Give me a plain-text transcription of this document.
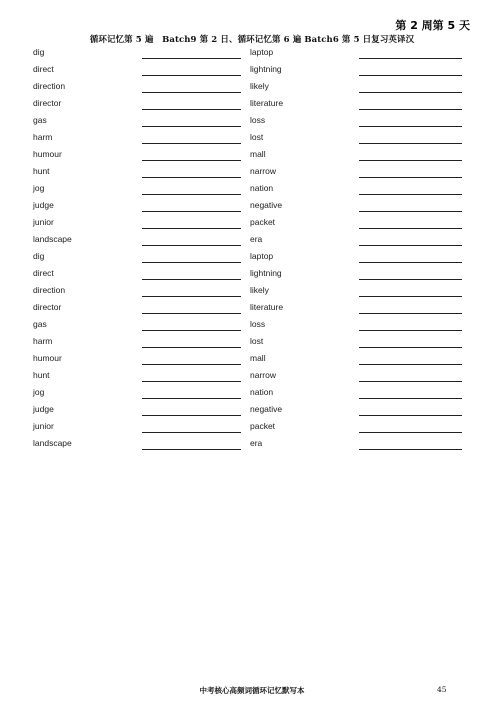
第 2 周第 5 天
循环记忆第 5 遍　Batch9 第 2 日、循环记忆第 6 遍 Batch6 第 5 日复习英译汉
dig	laptop
direct	lightning
direction	likely
director	literature
gas	loss
harm	lost
humour	mall
hunt	narrow
jog	nation
judge	negative
junior	packet
landscape	era
dig	laptop
direct	lightning
direction	likely
director	literature
gas	loss
harm	lost
humour	mall
hunt	narrow
jog	nation
judge	negative
junior	packet
landscape	era
中考核心高频词循环记忆默写本	45
